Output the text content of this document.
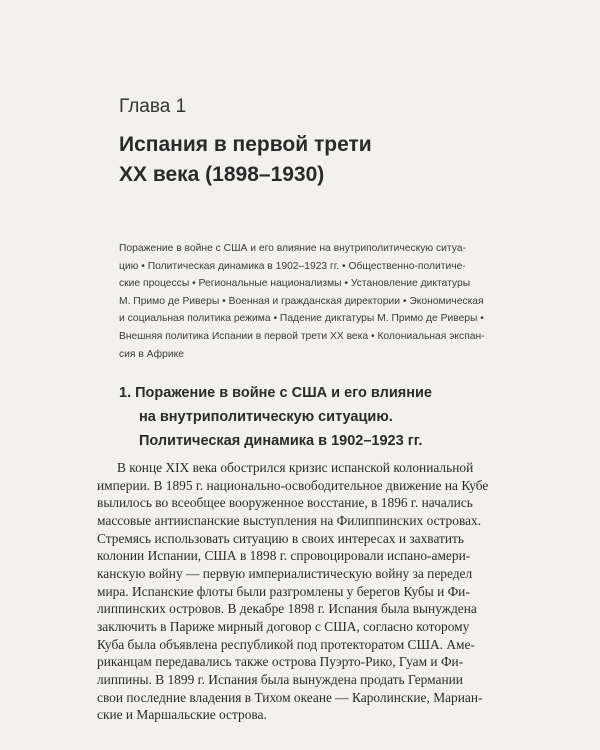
Глава 1
Испания в первой трети
XX века (1898–1930)
Поражение в войне с США и его влияние на внутриполитическую ситуа-
цию • Политическая динамика в 1902–1923 гг. • Общественно-политиче-
ские процессы • Региональные национализмы • Установление диктатуры
М. Примо де Риверы • Военная и гражданская директории • Экономическая
и социальная политика режима • Падение диктатуры М. Примо де Риверы •
Внешняя политика Испании в первой трети XX века • Колониальная экспан-
сия в Африке
1. Поражение в войне с США и его влияние
на внутриполитическую ситуацию.
Политическая динамика в 1902–1923 гг.
В конце XIX века обострился кризис испанской колониальной
империи. В 1895 г. национально-освободительное движение на Кубе
вылилось во всеобщее вооруженное восстание, в 1896 г. начались
массовые антииспанские выступления на Филиппинских островах.
Стремясь использовать ситуацию в своих интересах и захватить
колонии Испании, США в 1898 г. спровоцировали испано-амери-
канскую войну — первую империалистическую войну за передел
мира. Испанские флоты были разгромлены у берегов Кубы и Фи-
липпинских островов. В декабре 1898 г. Испания была вынуждена
заключить в Париже мирный договор с США, согласно которому
Куба была объявлена республикой под протекторатом США. Аме-
риканцам передавались также острова Пуэрто-Рико, Гуам и Фи-
липпины. В 1899 г. Испания была вынуждена продать Германии
свои последние владения в Тихом океане — Каролинские, Мариан-
ские и Маршальские острова.
